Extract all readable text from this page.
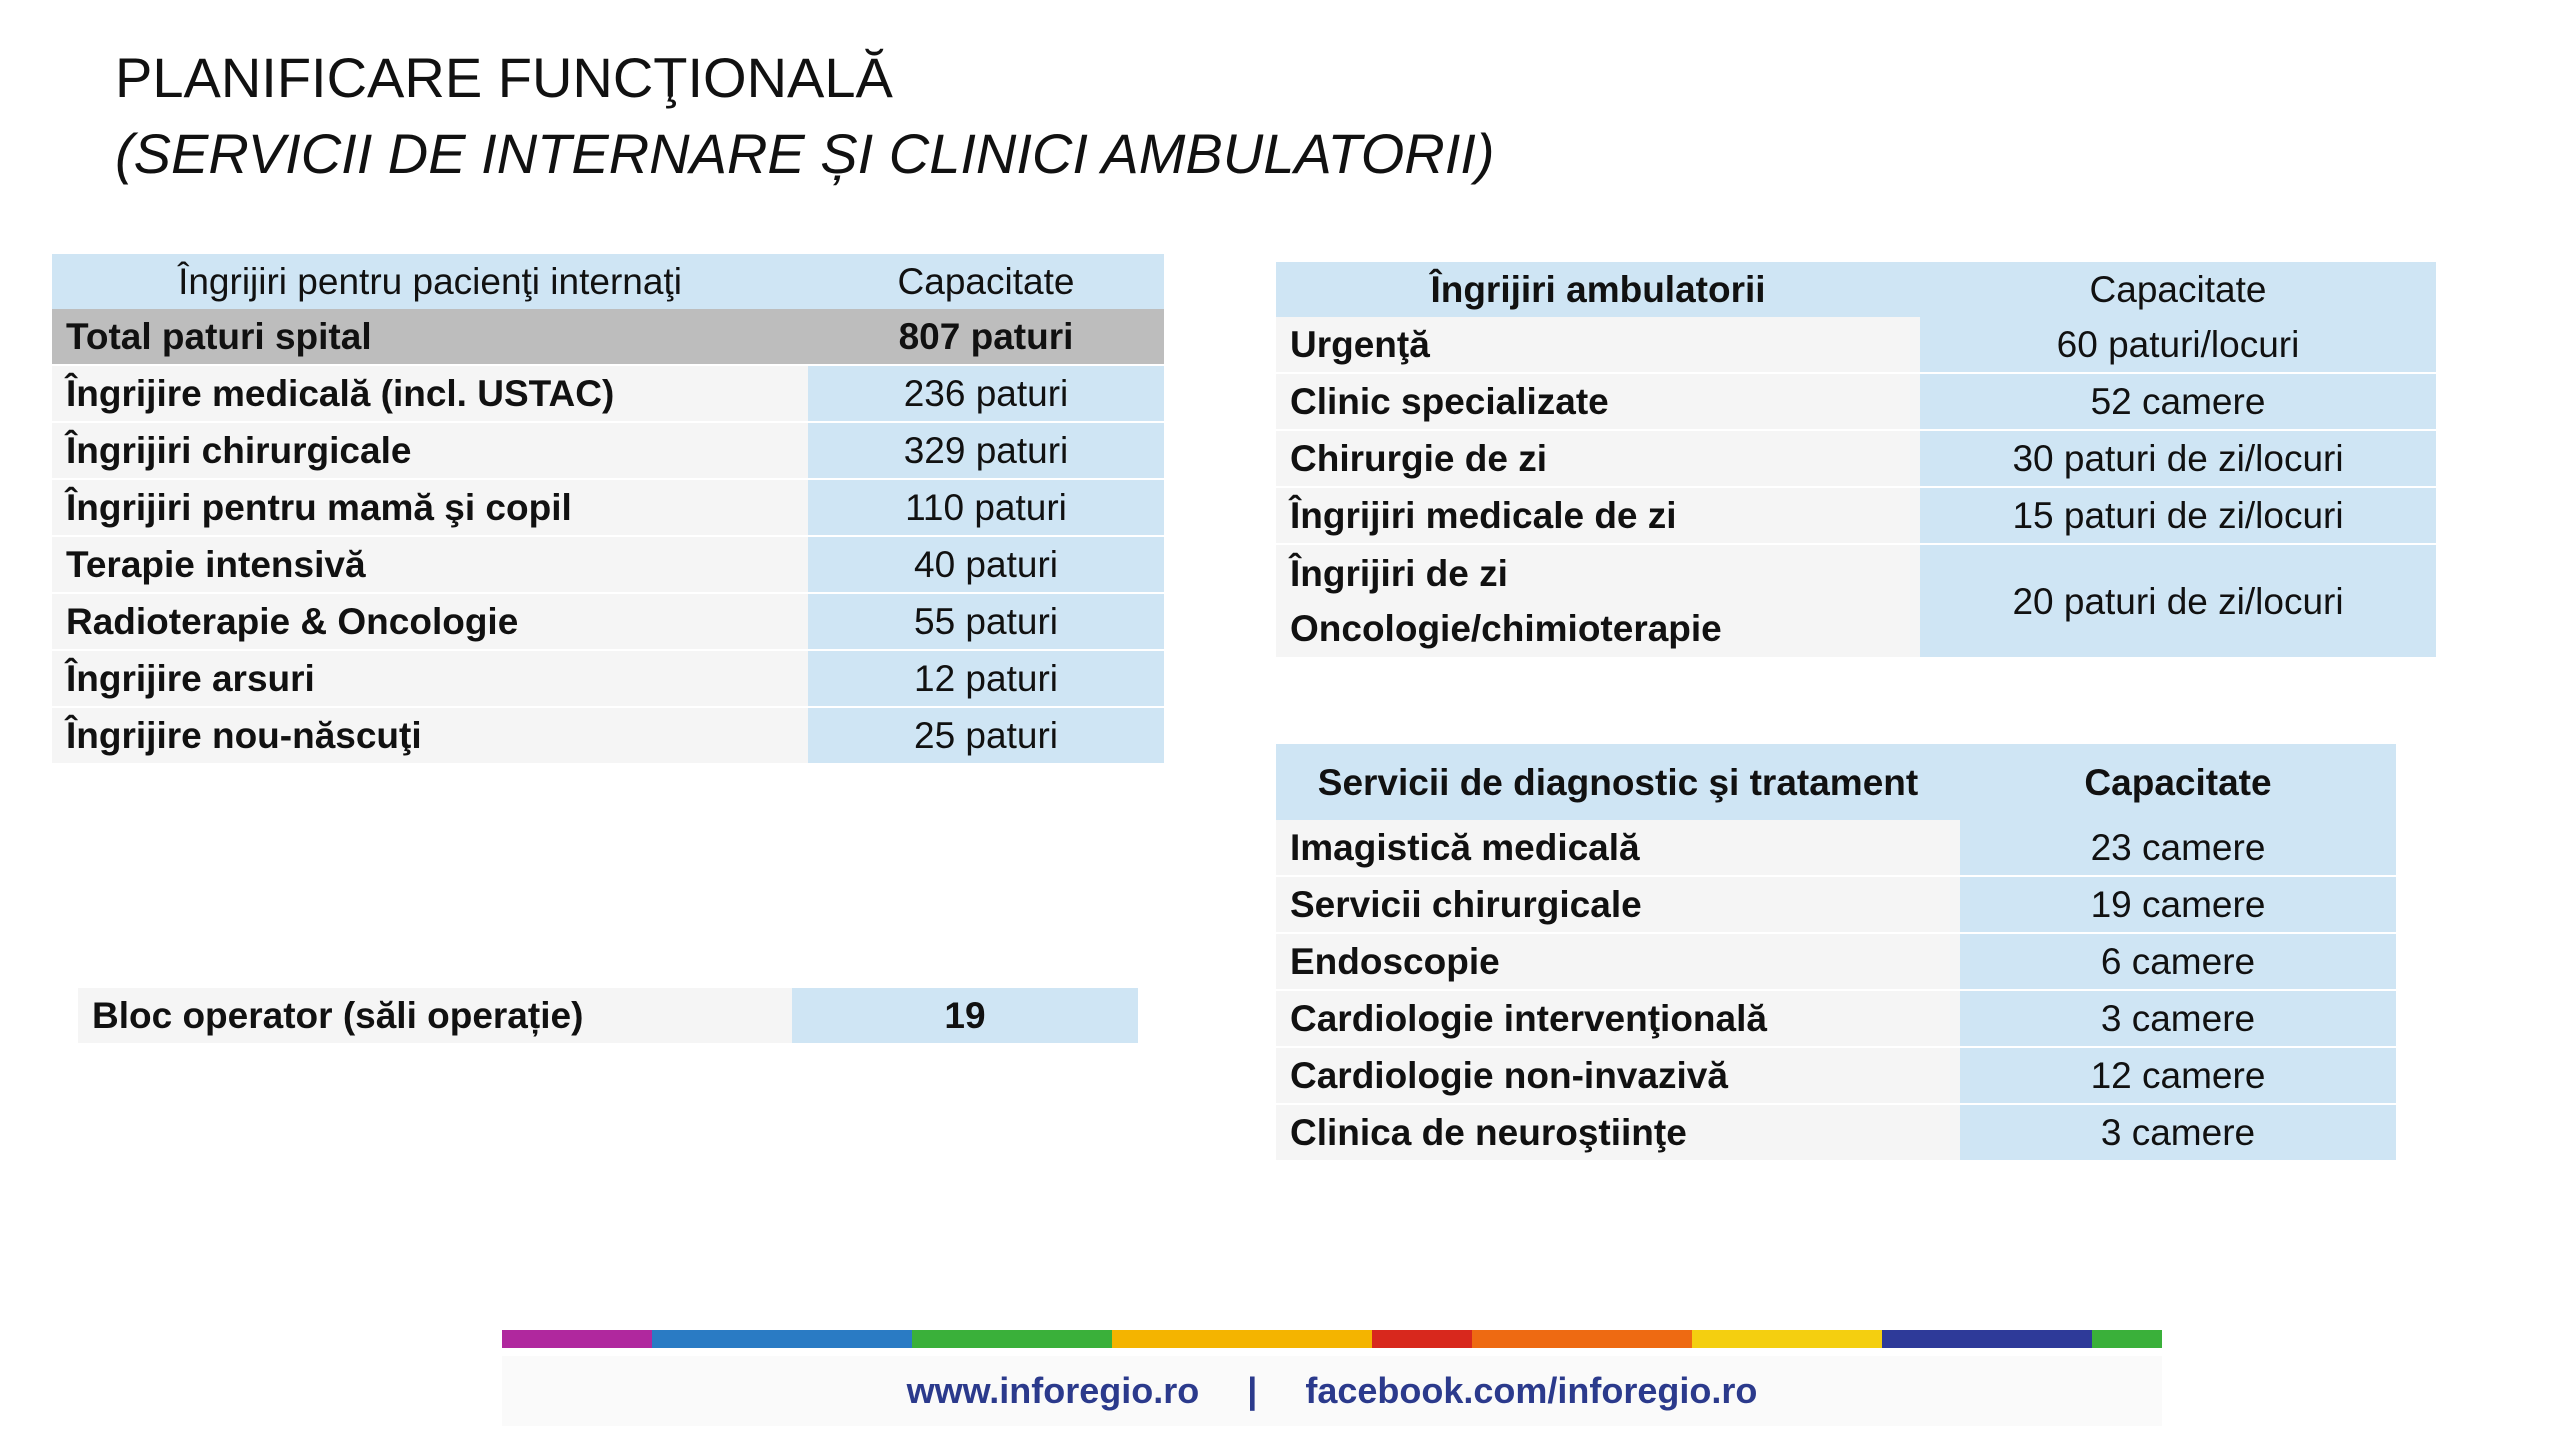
PLANIFICARE FUNCŢIONALĂ
(SERVICII DE INTERNARE ȘI CLINICI AMBULATORII)
Îngrijiri pentru pacienţi internaţi	Capacitate
Total paturi spital	807 paturi
Îngrijire medicală (incl. USTAC)	236 paturi
Îngrijiri chirurgicale	329 paturi
Îngrijiri pentru mamă şi copil	110 paturi
Terapie intensivă	40 paturi
Radioterapie & Oncologie	55 paturi
Îngrijire arsuri	12 paturi
Îngrijire nou-născuţi	25 paturi
Bloc operator (săli operație)	19
Îngrijiri ambulatorii	Capacitate
Urgenţă	60 paturi/locuri
Clinic specializate	52 camere
Chirurgie de zi	30 paturi de zi/locuri
Îngrijiri medicale de zi	15 paturi de zi/locuri

Îngrijiri de zi
Oncologie/chimioterapie	20 paturi de zi/locuri
Servicii de diagnostic şi tratament	Capacitate
Imagistică medicală	23 camere
Servicii chirurgicale	19 camere
Endoscopie	6 camere
Cardiologie intervenţională	3 camere
Cardiologie non-invazivă	12 camere
Clinica de neuroştiinţe	3 camere
www.inforegio.ro | facebook.com/inforegio.ro
